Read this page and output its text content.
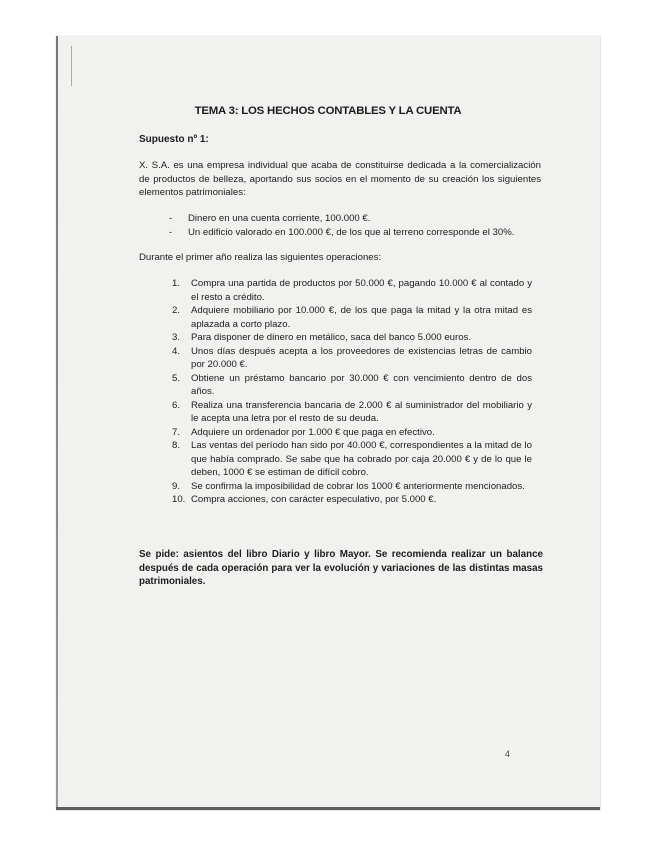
TEMA 3: LOS HECHOS CONTABLES Y LA CUENTA
Supuesto nº 1:
X. S.A. es una empresa individual que acaba de constituirse dedicada a la comercialización de productos de belleza, aportando sus socios en el momento de su creación los siguientes elementos patrimoniales:
- Dinero en una cuenta corriente, 100.000 €.
- Un edificio valorado en 100.000 €, de los que al terreno corresponde el 30%.
Durante el primer año realiza las siguientes operaciones:
1. Compra una partida de productos por 50.000 €, pagando 10.000 € al contado y el resto a crédito.
2. Adquiere mobiliario por 10.000 €, de los que paga la mitad y la otra mitad es aplazada a corto plazo.
3. Para disponer de dinero en metálico, saca del banco 5.000 euros.
4. Unos días después acepta a los proveedores de existencias letras de cambio por 20.000 €.
5. Obtiene un préstamo bancario por 30.000 € con vencimiento dentro de dos años.
6. Realiza una transferencia bancaria de 2.000 € al suministrador del mobiliario y le acepta una letra por el resto de su deuda.
7. Adquiere un ordenador por 1.000 € que paga en efectivo.
8. Las ventas del período han sido por 40.000 €, correspondientes a la mitad de lo que había comprado. Se sabe que ha cobrado por caja 20.000 € y de lo que le deben, 1000 € se estiman de difícil cobro.
9. Se confirma la imposibilidad de cobrar los 1000 € anteriormente mencionados.
10. Compra acciones, con carácter especulativo, por 5.000 €.
Se pide: asientos del libro Diario y libro Mayor. Se recomienda realizar un balance después de cada operación para ver la evolución y variaciones de las distintas masas patrimoniales.
4
